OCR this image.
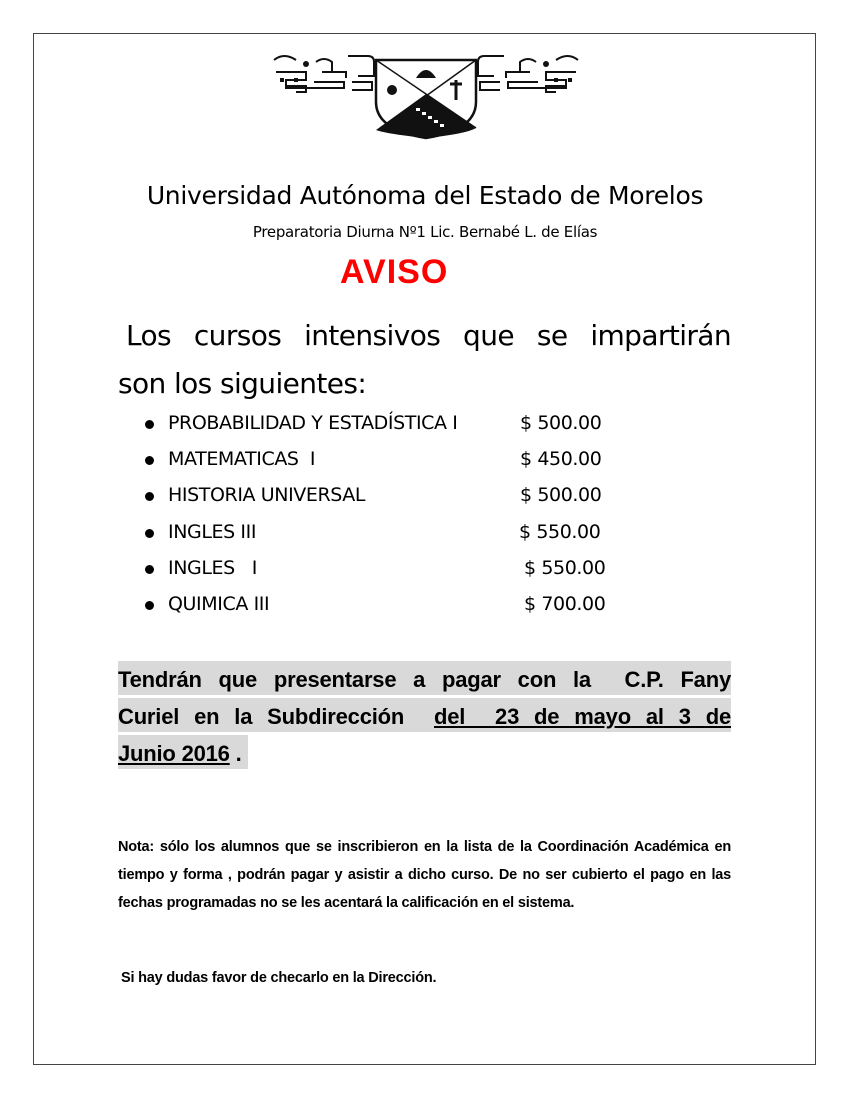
Universidad Autónoma del Estado de Morelos
Preparatoria Diurna Nº1 Lic. Bernabé L. de Elías
AVISO
Los cursos intensivos que se impartirán
son los siguientes:
PROBABILIDAD Y ESTADÍSTICA I	$ 500.00
MATEMATICAS  I	$ 450.00
HISTORIA UNIVERSAL	$ 500.00
INGLES III	$ 550.00
INGLES   I	$ 550.00
QUIMICA III	$ 700.00
Tendrán que presentarse a pagar con la  C.P. Fany
Curiel en la Subdirección  del  23 de mayo al 3 de
Junio 2016 .
Nota: sólo los alumnos que se inscribieron en la lista de la Coordinación Académica en tiempo y forma , podrán pagar y asistir a dicho curso. De no ser cubierto el pago en las fechas programadas no se les acentará la calificación en el sistema.
Si hay dudas favor de checarlo en la Dirección.
